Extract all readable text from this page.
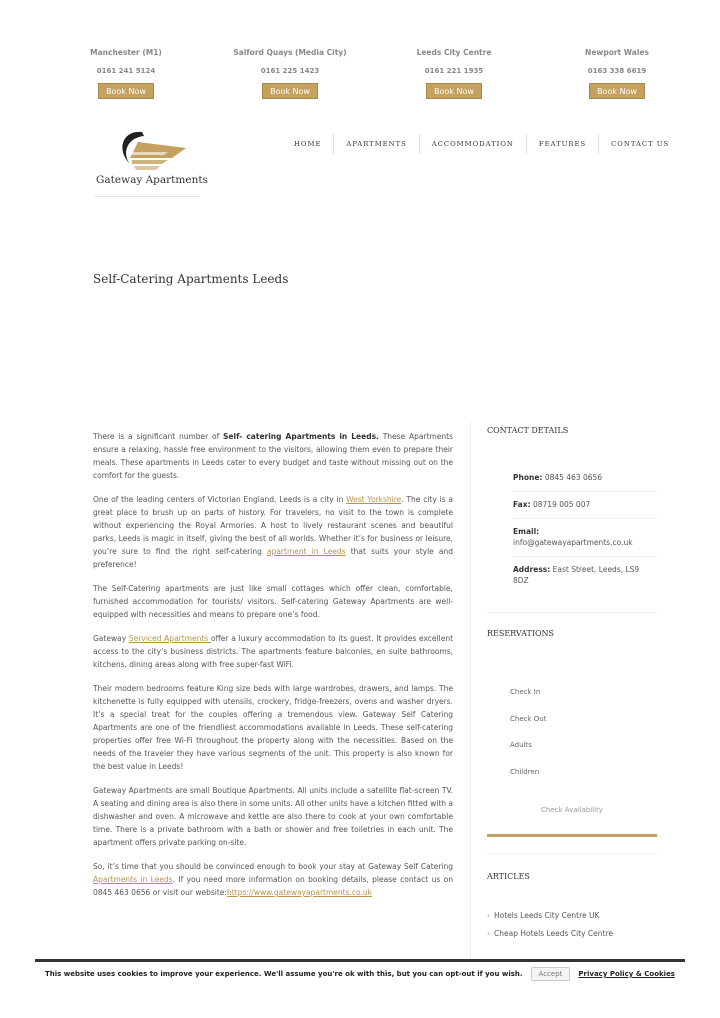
Manchester (M1)
0161 241 5124
Book Now
Salford Quays (Media City)
0161 225 1423
Book Now
Leeds City Centre
0161 221 1935
Book Now
Newport Wales
0163 338 6619
Book Now
Gateway Apartments
HOME	APARTMENTS	ACCOMMODATION	FEATURES	CONTACT US
Self-Catering Apartments Leeds

There is a significant number of Self- catering Apartments in Leeds. These Apartments ensure a relaxing, hassle free environment to the visitors, allowing them even to prepare their meals. These apartments in Leeds cater to every budget and taste without missing out on the comfort for the guests.

One of the leading centers of Victorian England, Leeds is a city in West Yorkshire. The city is a great place to brush up on parts of history. For travelers, no visit to the town is complete without experiencing the Royal Armories. A host to lively restaurant scenes and beautiful parks, Leeds is magic in itself, giving the best of all worlds. Whether it’s for business or leisure, you’re sure to find the right self-catering apartment in Leeds that suits your style and preference!

The Self-Catering apartments are just like small cottages which offer clean, comfortable, furnished accommodation for tourists/ visitors. Self-catering Gateway Apartments are well-equipped with necessities and means to prepare one’s food.

Gateway Serviced Apartments offer a luxury accommodation to its guest. It provides excellent access to the city’s business districts. The apartments feature balconies, en suite bathrooms, kitchens, dining areas along with free super-fast WiFi.

Their modern bedrooms feature King size beds with large wardrobes, drawers, and lamps. The kitchenette is fully equipped with utensils, crockery, fridge-freezers, ovens and washer dryers. It’s a special treat for the couples offering a tremendous view. Gateway Self Catering Apartments are one of the friendliest accommodations available in Leeds. These self-catering properties offer free Wi-Fi throughout the property along with the necessities. Based on the needs of the traveler they have various segments of the unit. This property is also known for the best value in Leeds!

Gateway Apartments are small Boutique Apartments. All units include a satellite flat-screen TV. A seating and dining area is also there in some units. All other units have a kitchen fitted with a dishwasher and oven. A microwave and kettle are also there to cook at your own comfortable time. There is a private bathroom with a bath or shower and free toiletries in each unit. The apartment offers private parking on-site.

So, it’s time that you should be convinced enough to book your stay at Gateway Self Catering Apartments in Leeds. If you need more information on booking details, please contact us on 0845 463 0656 or visit our website:https://www.gatewayapartments.co.uk

CONTACT DETAILS
Phone: 0845 463 0656
Fax: 08719 005 007
Email:
info@gatewayapartments.co.uk
Address: East Street, Leeds, LS9 8DZ
RESERVATIONS
Check In
Check Out
Adults
Children
Check Availability
ARTICLES
› Hotels Leeds City Centre UK
› Cheap Hotels Leeds City Centre
This website uses cookies to improve your experience. We'll assume you're ok with this, but you can opt-out if you wish.	Accept	Privacy Policy & Cookies
